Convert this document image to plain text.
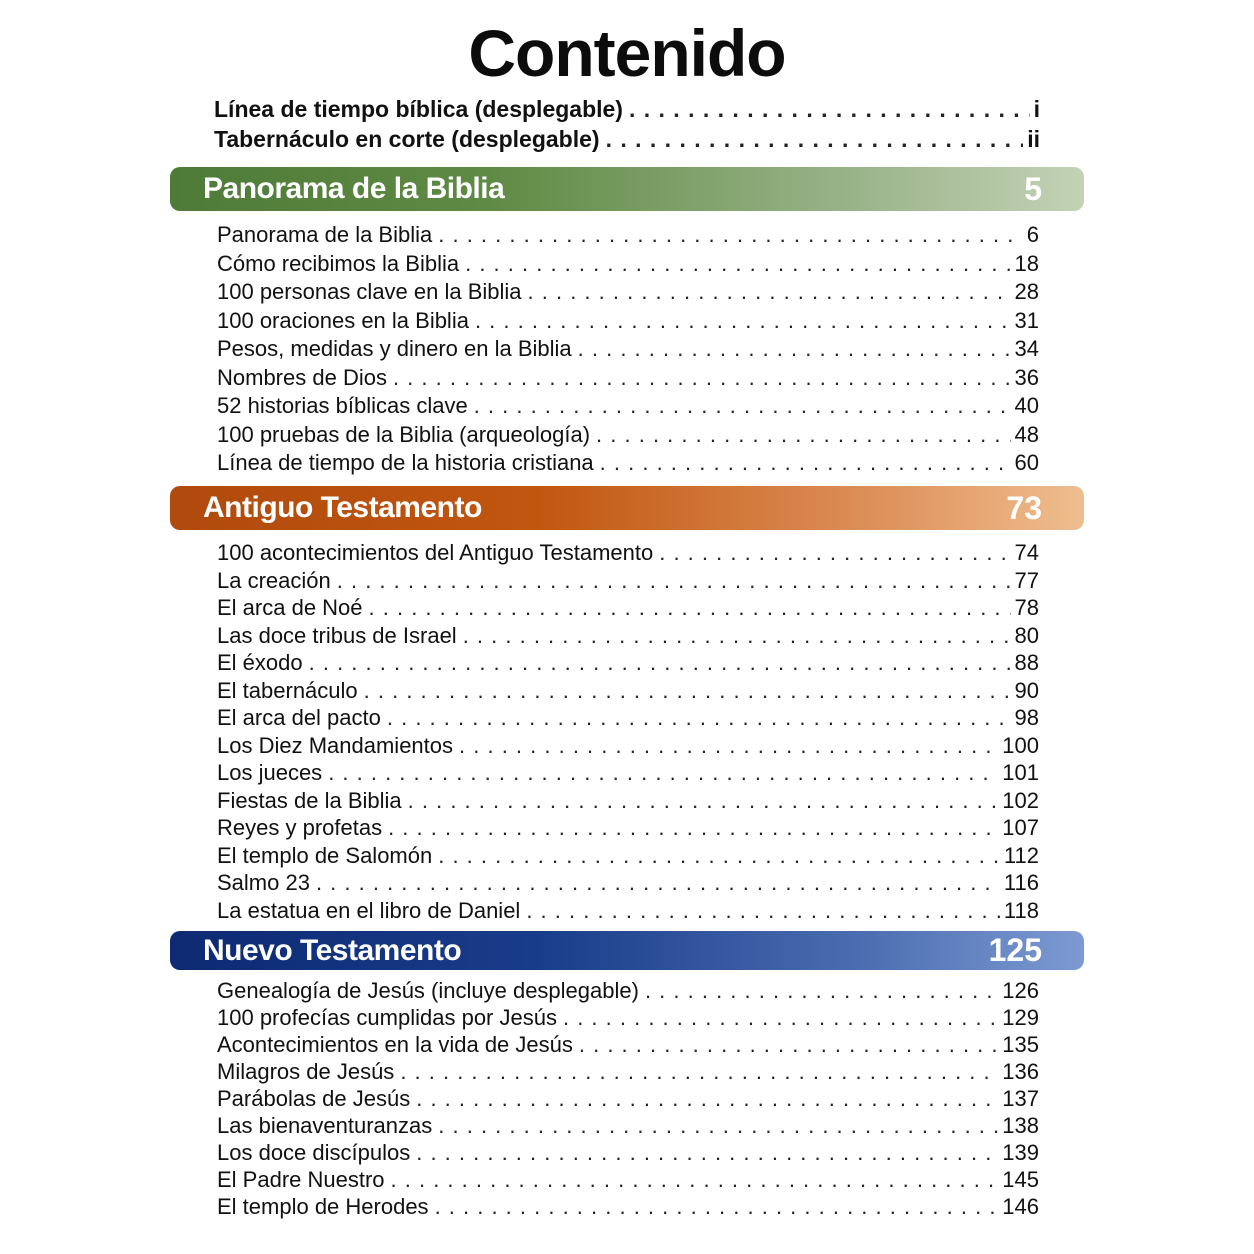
Contenido
Línea de tiempo bíblica (desplegable) . . .	i
Tabernáculo en corte (desplegable) . . .	ii
Panorama de la Biblia	5
Panorama de la Biblia . . .	6
Cómo recibimos la Biblia . . .	18
100 personas clave en la Biblia . . .	28
100 oraciones en la Biblia . . .	31
Pesos, medidas y dinero en la Biblia . . .	34
Nombres de Dios . . .	36
52 historias bíblicas clave . . .	40
100 pruebas de la Biblia (arqueología) . . .	48
Línea de tiempo de la historia cristiana . . .	60
Antiguo Testamento	73
100 acontecimientos del Antiguo Testamento . . .	74
La creación . . .	77
El arca de Noé . . .	78
Las doce tribus de Israel . . .	80
El éxodo . . .	88
El tabernáculo . . .	90
El arca del pacto . . .	98
Los Diez Mandamientos . . .	100
Los jueces . . .	101
Fiestas de la Biblia . . .	102
Reyes y profetas . . .	107
El templo de Salomón . . .	112
Salmo 23 . . .	116
La estatua en el libro de Daniel . . .	118
Nuevo Testamento	125
Genealogía de Jesús (incluye desplegable) . . .	126
100 profecías cumplidas por Jesús . . .	129
Acontecimientos en la vida de Jesús . . .	135
Milagros de Jesús . . .	136
Parábolas de Jesús . . .	137
Las bienaventuranzas . . .	138
Los doce discípulos . . .	139
El Padre Nuestro . . .	145
El templo de Herodes . . .	146
